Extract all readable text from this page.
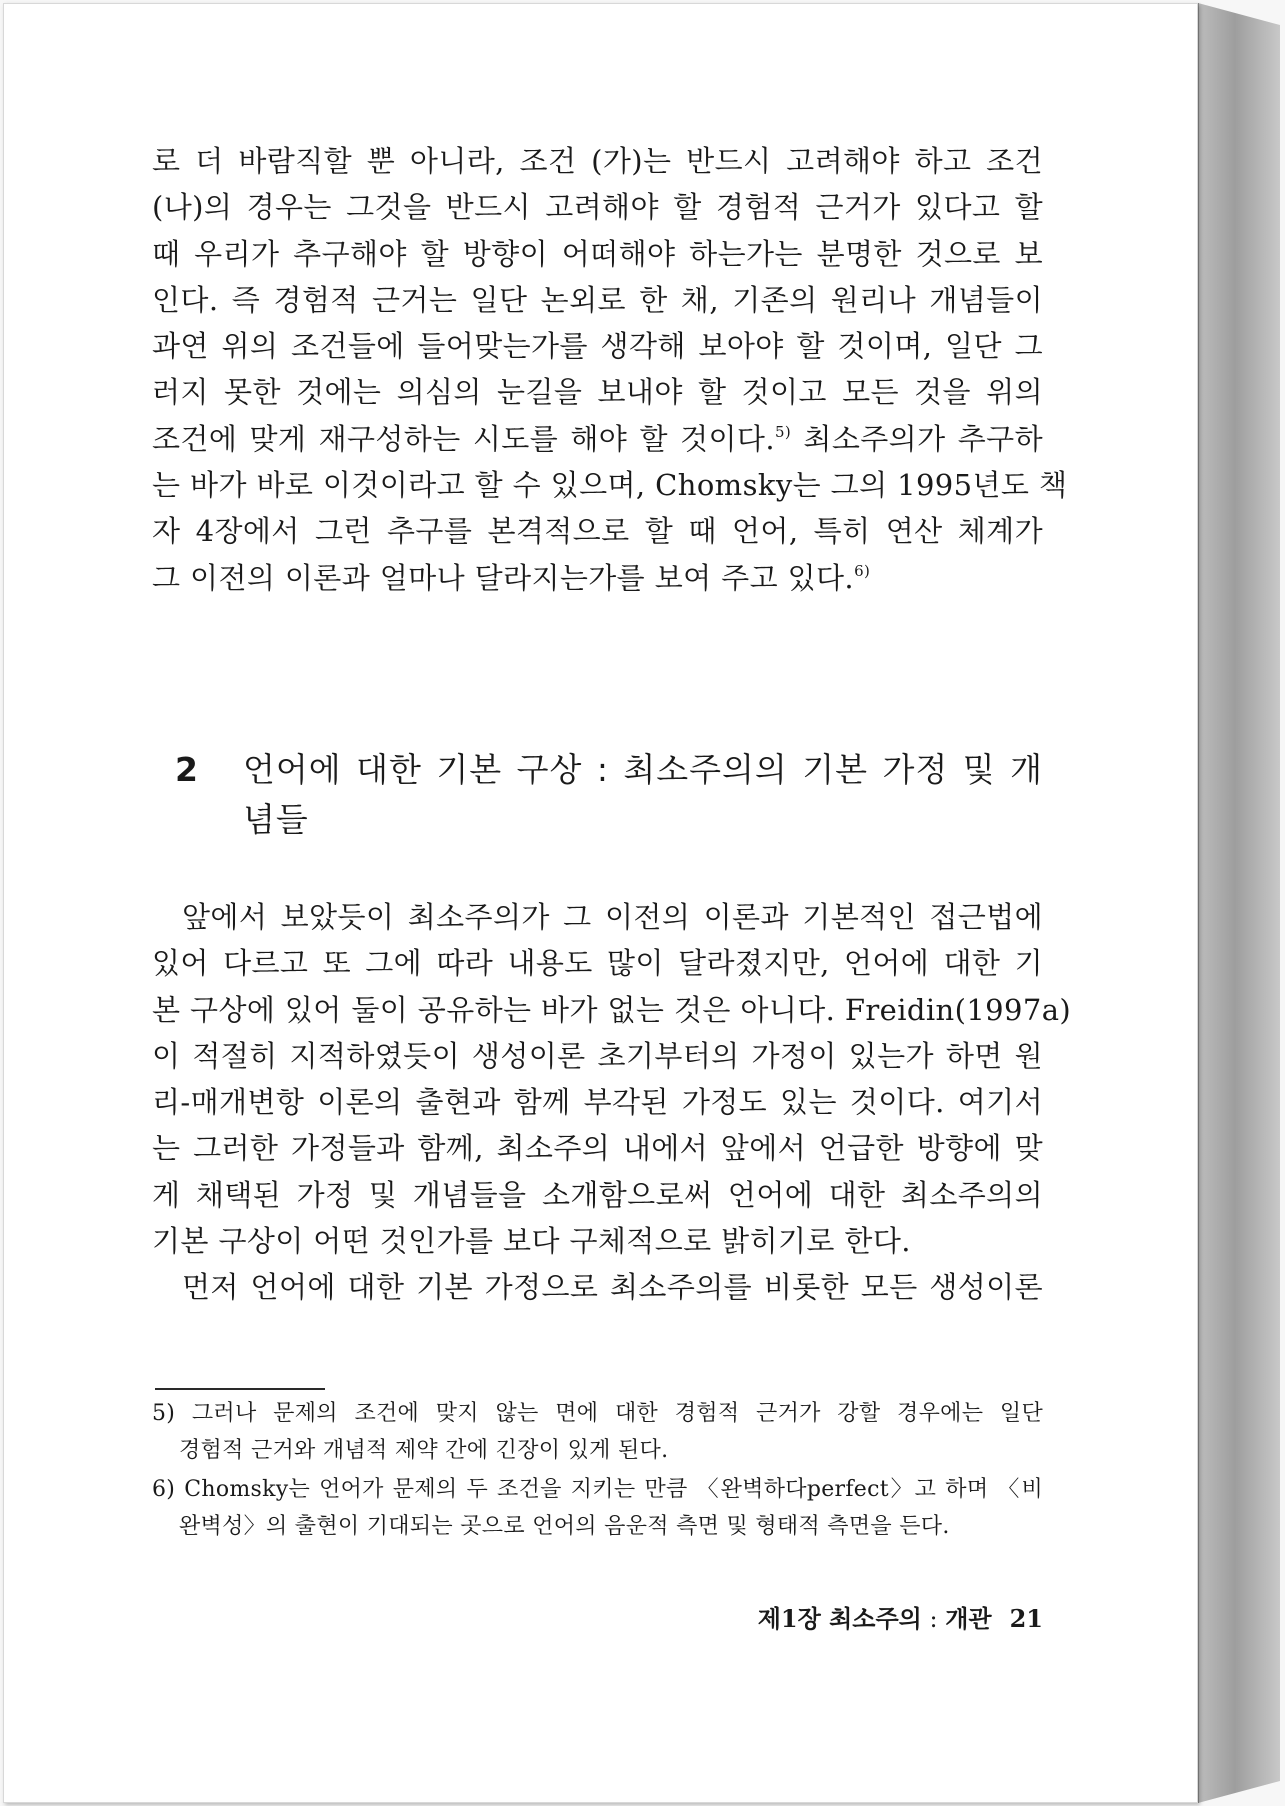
로 더 바람직할 뿐 아니라, 조건 (가)는 반드시 고려해야 하고 조건
(나)의 경우는 그것을 반드시 고려해야 할 경험적 근거가 있다고 할
때 우리가 추구해야 할 방향이 어떠해야 하는가는 분명한 것으로 보
인다. 즉 경험적 근거는 일단 논외로 한 채, 기존의 원리나 개념들이
과연 위의 조건들에 들어맞는가를 생각해 보아야 할 것이며, 일단 그
러지 못한 것에는 의심의 눈길을 보내야 할 것이고 모든 것을 위의
조건에 맞게 재구성하는 시도를 해야 할 것이다.$^{5)}$ 최소주의가 추구하
는 바가 바로 이것이라고 할 수 있으며, Chomsky는 그의 1995년도 책
자 4장에서 그런 추구를 본격적으로 할 때 언어, 특히 연산 체계가
그 이전의 이론과 얼마나 달라지는가를 보여 주고 있다.$^{6)}$
2 언어에 대한 기본 구상 : 최소주의의 기본 가정 및 개
념들
앞에서 보았듯이 최소주의가 그 이전의 이론과 기본적인 접근법에
있어 다르고 또 그에 따라 내용도 많이 달라졌지만, 언어에 대한 기
본 구상에 있어 둘이 공유하는 바가 없는 것은 아니다. Freidin(1997a)
이 적절히 지적하였듯이 생성이론 초기부터의 가정이 있는가 하면 원
리-매개변항 이론의 출현과 함께 부각된 가정도 있는 것이다. 여기서
는 그러한 가정들과 함께, 최소주의 내에서 앞에서 언급한 방향에 맞
게 채택된 가정 및 개념들을 소개함으로써 언어에 대한 최소주의의
기본 구상이 어떤 것인가를 보다 구체적으로 밝히기로 한다.
먼저 언어에 대한 기본 가정으로 최소주의를 비롯한 모든 생성이론
5) 그러나 문제의 조건에 맞지 않는 면에 대한 경험적 근거가 강할 경우에는 일단
경험적 근거와 개념적 제약 간에 긴장이 있게 된다.
6) Chomsky는 언어가 문제의 두 조건을 지키는 만큼 〈완벽하다perfect〉고 하며 〈비
완벽성〉의 출현이 기대되는 곳으로 언어의 음운적 측면 및 형태적 측면을 든다.
제1장 최소주의 : 개관 21
